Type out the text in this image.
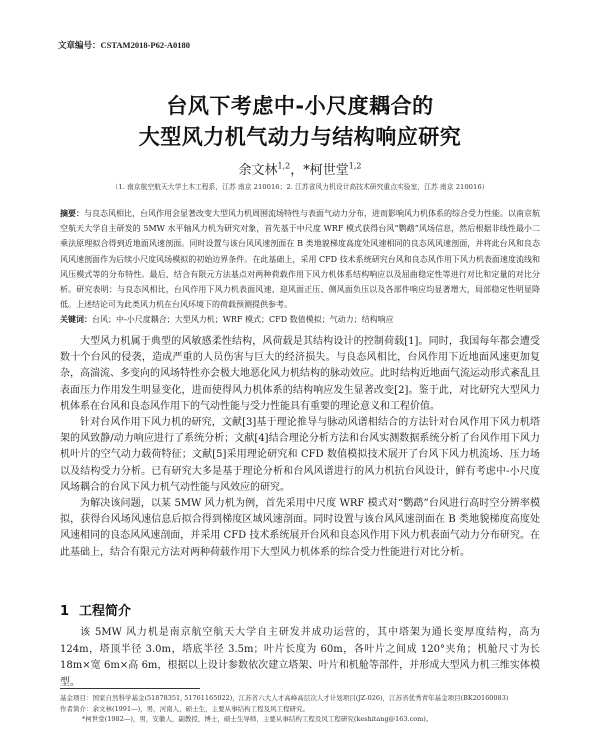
文章编号：CSTAM2018-P62-A0180
台风下考虑中-小尺度耦合的
大型风力机气动力与结构响应研究
余文林$^{1,2}$，*柯世堂$^{1,2}$
（1. 南京航空航天大学土木工程系，江苏 南京 210016；2. 江苏省风力机设计高技术研究重点实验室，江苏 南京 210016）

摘要：与良态风相比，台风作用会显著改变大型风力机周围流场特性与表面气动力分布，进而影响风力机体系的综合受力性能。以南京航空航天大学自主研发的 5MW 水平轴风力机为研究对象，首先基于中尺度 WRF 模式获得台风“鹦鹉”风场信息，然后根据非线性最小二乘法原理拟合得到近地面风速剖面。同时设置与该台风风速剖面在 B 类地貌梯度高度处风速相同的良态风风速剖面，并将此台风和良态风风速剖面作为后续小尺度风场模拟的初始边界条件。在此基础上，采用 CFD 技术系统研究台风和良态风作用下风力机表面速度流线和风压模式等的分布特性。最后，结合有限元方法基点对两种荷载作用下风力机体系结构响应以及屈曲稳定性等进行对比和定量的对比分析。研究表明：与良态风相比，台风作用下风力机表面风速、迎风面正压、侧风面负压以及各部件响应均显著增大，局部稳定性明显降低。上述结论可为此类风力机在台风环境下的荷载预测提供参考。

关键词：台风；中-小尺度耦合；大型风力机；WRF 模式；CFD 数值模拟；气动力；结构响应

大型风力机属于典型的风敏感柔性结构，风荷载是其结构设计的控制荷载[1]。同时，我国每年都会遭受数十个台风的侵袭，造成严重的人员伤害与巨大的经济损失。与良态风相比，台风作用下近地面风速更加复杂，高湍流、多变向的风场特性亦会极大地恶化风力机结构的脉动效应。此时结构近地面气流运动形式紊乱且表面压力作用发生明显变化，进而使得风力机体系的结构响应发生显著改变[2]。鉴于此，对比研究大型风力机体系在台风和良态风作用下的气动性能与受力性能具有重要的理论意义和工程价值。

针对台风作用下风力机的研究，文献[3]基于理论推导与脉动风谱相结合的方法针对台风作用下风力机塔架的风致静/动力响应进行了系统分析；文献[4]结合理论分析方法和台风实测数据系统分析了台风作用下风力机叶片的空气动力载荷特征；文献[5]采用理论研究和 CFD 数值模拟技术展开了台风下风力机流场、压力场以及结构受力分析。已有研究大多是基于理论分析和台风风谱进行的风力机抗台风设计，鲜有考虑中-小尺度风场耦合的台风下风力机气动性能与风效应的研究。

为解决该问题，以某 5MW 风力机为例，首先采用中尺度 WRF 模式对“鹦鹉”台风进行高时空分辨率模拟，获得台风场风速信息后拟合得到梯度区域风速剖面。同时设置与该台风风速剖面在 B 类地貌梯度高度处风速相同的良态风风速剖面，并采用 CFD 技术系统展开台风和良态风作用下风力机表面气动力分布研究。在此基础上，结合有限元方法对两种荷载作用下大型风力机体系的综合受力性能进行对比分析。

1 工程简介

该 5MW 风力机是南京航空航天大学自主研发并成功运营的，其中塔架为通长变厚度结构，高为 124m，塔顶半径 3.0m，塔底半径 3.5m；叶片长度为 60m，各叶片之间成 120°夹角；机舱尺寸为长 18m×宽 6m×高 6m，根据以上设计参数依次建立塔架、叶片和机舱等部件，并形成大型风力机三维实体模型。

基金项目：国家自然科学基金(51878351, 51761165022)，江苏省六大人才高峰高层次人才计划项目(JZ-026)，江苏省优秀青年基金项目(BK20160083)
作者简介：余文林(1991—)，男，河南人，硕士生，主要从事结构工程及风工程研究。
*柯世堂(1982—)，男，安徽人，副教授，博士，硕士生导师，主要从事结构工程及风工程研究(keshitang@163.com)。
